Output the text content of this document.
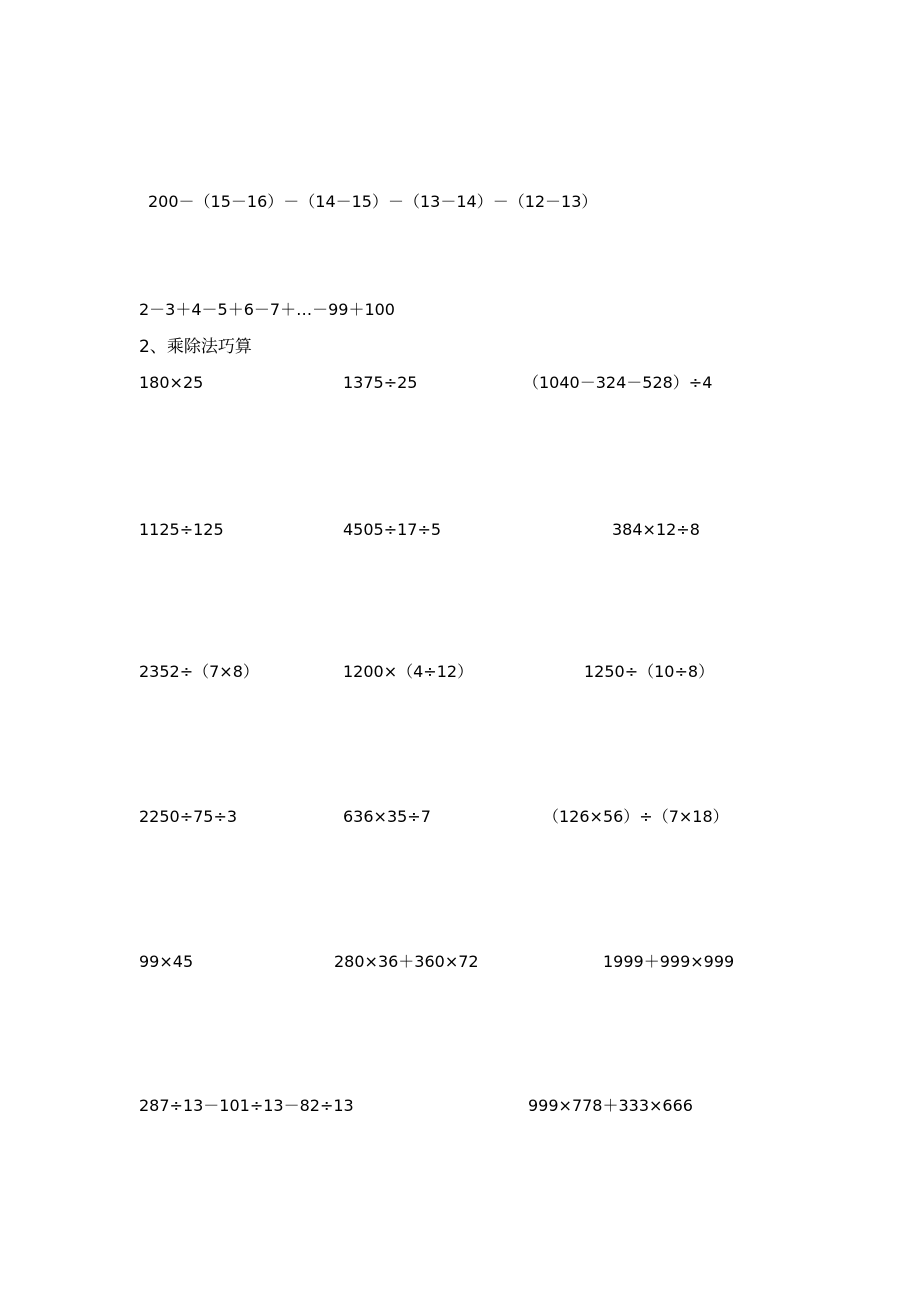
200－（15－16）－（14－15）－（13－14）－（12－13）
2－3＋4－5＋6－7＋…－99＋100
2、乘除法巧算
180×25	1375÷25	（1040－324－528）÷4
1125÷125	4505÷17÷5	384×12÷8
2352÷（7×8）	1200×（4÷12）	1250÷（10÷8）
2250÷75÷3	636×35÷7	（126×56）÷（7×18）
99×45	280×36＋360×72	1999＋999×999
287÷13－101÷13－82÷13	999×778＋333×666
